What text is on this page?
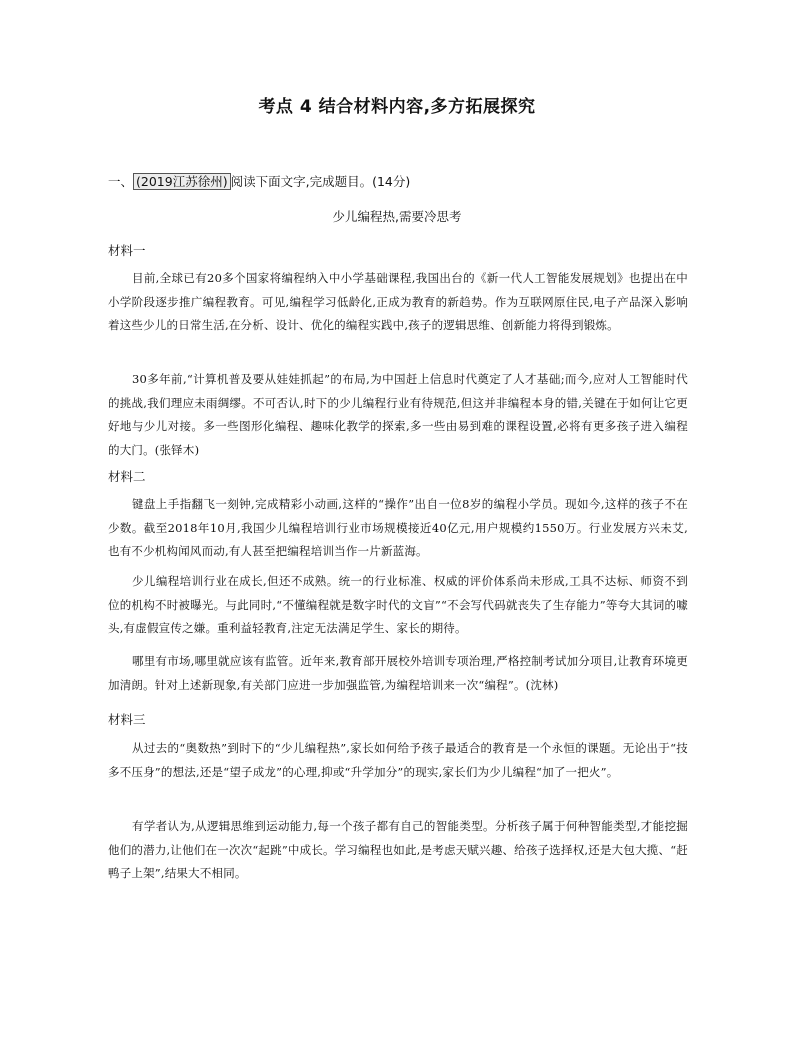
考点 4 结合材料内容,多方拓展探究
一、 (2019江苏徐州) 阅读下面文字,完成题目。(14分)
少儿编程热,需要冷思考
材料一
目前,全球已有20多个国家将编程纳入中小学基础课程,我国出台的《新一代人工智能发展规划》也提出在中小学阶段逐步推广编程教育。可见,编程学习低龄化,正成为教育的新趋势。作为互联网原住民,电子产品深入影响着这些少儿的日常生活,在分析、设计、优化的编程实践中,孩子的逻辑思维、创新能力将得到锻炼。
30多年前,“计算机普及要从娃娃抓起”的布局,为中国赶上信息时代奠定了人才基础;而今,应对人工智能时代的挑战,我们理应未雨绸缪。不可否认,时下的少儿编程行业有待规范,但这并非编程本身的错,关键在于如何让它更好地与少儿对接。多一些图形化编程、趣味化教学的探索,多一些由易到难的课程设置,必将有更多孩子进入编程的大门。(张铎木)
材料二
键盘上手指翻飞一刻钟,完成精彩小动画,这样的“操作”出自一位8岁的编程小学员。现如今,这样的孩子不在少数。截至2018年10月,我国少儿编程培训行业市场规模接近40亿元,用户规模约1550万。行业发展方兴未艾,也有不少机构闻风而动,有人甚至把编程培训当作一片新蓝海。
少儿编程培训行业在成长,但还不成熟。统一的行业标准、权威的评价体系尚未形成,工具不达标、师资不到位的机构不时被曝光。与此同时,“不懂编程就是数字时代的文盲”“不会写代码就丧失了生存能力”等夸大其词的噱头,有虚假宣传之嫌。重利益轻教育,注定无法满足学生、家长的期待。
哪里有市场,哪里就应该有监管。近年来,教育部开展校外培训专项治理,严格控制考试加分项目,让教育环境更加清朗。针对上述新现象,有关部门应进一步加强监管,为编程培训来一次“编程”。(沈林)
材料三
从过去的“奥数热”到时下的“少儿编程热”,家长如何给予孩子最适合的教育是一个永恒的课题。无论出于“技多不压身”的想法,还是“望子成龙”的心理,抑或“升学加分”的现实,家长们为少儿编程“加了一把火”。
有学者认为,从逻辑思维到运动能力,每一个孩子都有自己的智能类型。分析孩子属于何种智能类型,才能挖掘他们的潜力,让他们在一次次“起跳”中成长。学习编程也如此,是考虑天赋兴趣、给孩子选择权,还是大包大揽、“赶鸭子上架”,结果大不相同。
